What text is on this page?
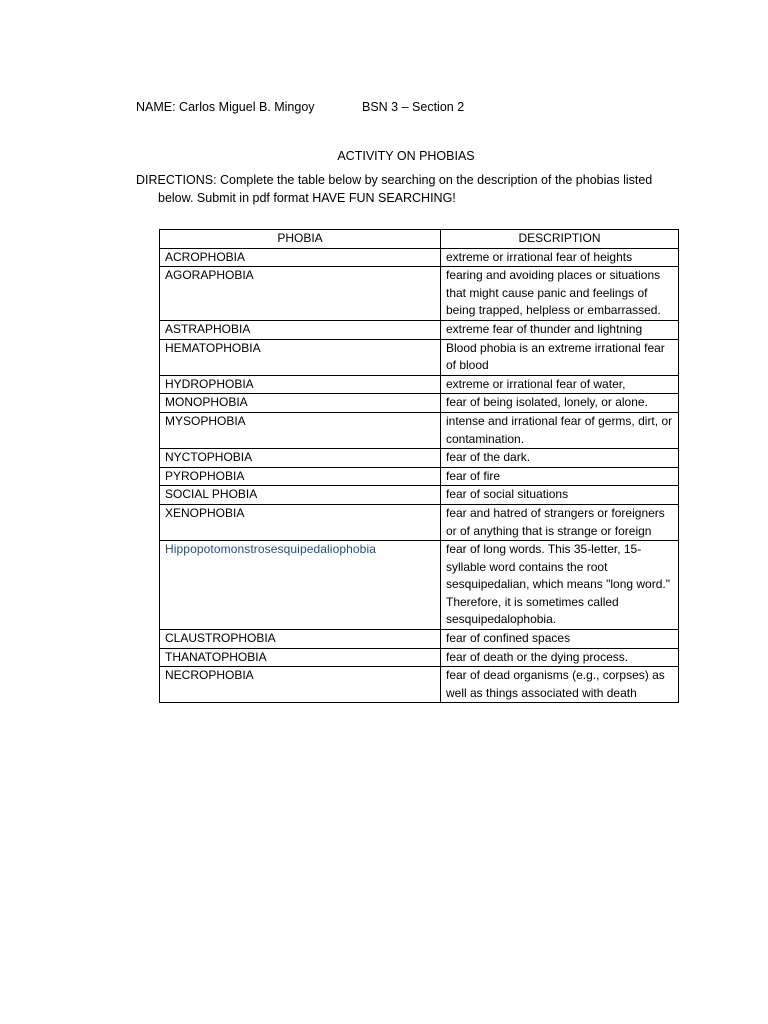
NAME: Carlos Miguel B. Mingoy	BSN 3 – Section 2
ACTIVITY ON PHOBIAS
DIRECTIONS: Complete the table below by searching on the description of the phobias listed below. Submit in pdf format HAVE FUN SEARCHING!
PHOBIA	DESCRIPTION
ACROPHOBIA	extreme or irrational fear of heights
AGORAPHOBIA	fearing and avoiding places or situations that might cause panic and feelings of being trapped, helpless or embarrassed.
ASTRAPHOBIA	extreme fear of thunder and lightning
HEMATOPHOBIA	Blood phobia is an extreme irrational fear of blood
HYDROPHOBIA	extreme or irrational fear of water,
MONOPHOBIA	fear of being isolated, lonely, or alone.
MYSOPHOBIA	intense and irrational fear of germs, dirt, or contamination.
NYCTOPHOBIA	fear of the dark.
PYROPHOBIA	fear of fire
SOCIAL PHOBIA	fear of social situations
XENOPHOBIA	fear and hatred of strangers or foreigners or of anything that is strange or foreign
Hippopotomonstrosesquipedaliophobia	fear of long words. This 35-letter, 15-syllable word contains the root sesquipedalian, which means "long word." Therefore, it is sometimes called sesquipedalophobia.
CLAUSTROPHOBIA	fear of confined spaces
THANATOPHOBIA	fear of death or the dying process.
NECROPHOBIA	fear of dead organisms (e.g., corpses) as well as things associated with death
